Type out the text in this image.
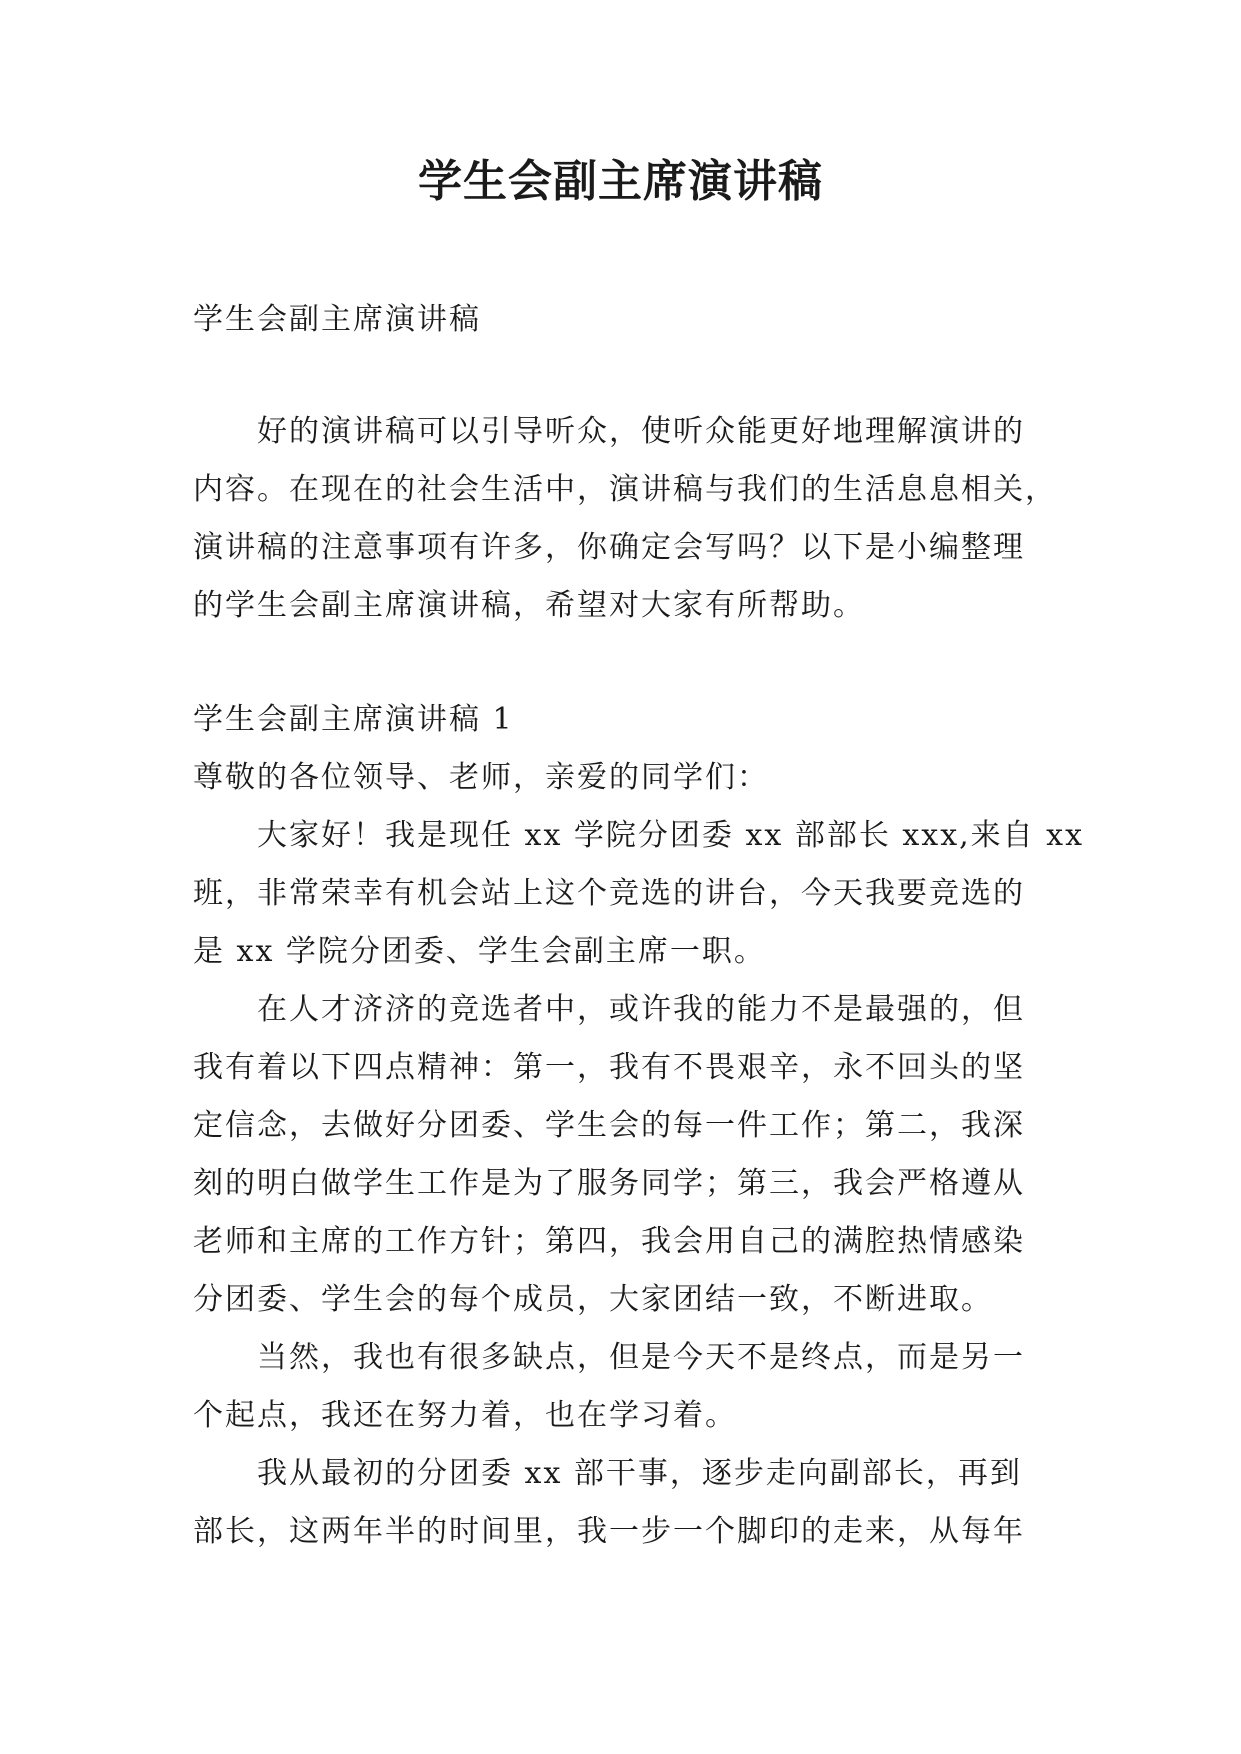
学生会副主席演讲稿
学生会副主席演讲稿
好的演讲稿可以引导听众，使听众能更好地理解演讲的
内容。在现在的社会生活中，演讲稿与我们的生活息息相关，
演讲稿的注意事项有许多，你确定会写吗？以下是小编整理
的学生会副主席演讲稿，希望对大家有所帮助。
学生会副主席演讲稿 1
尊敬的各位领导、老师，亲爱的同学们：
大家好！我是现任 xx 学院分团委 xx 部部长 xxx,来自 xx
班，非常荣幸有机会站上这个竞选的讲台，今天我要竞选的
是 xx 学院分团委、学生会副主席一职。
在人才济济的竞选者中，或许我的能力不是最强的，但
我有着以下四点精神：第一，我有不畏艰辛，永不回头的坚
定信念，去做好分团委、学生会的每一件工作；第二，我深
刻的明白做学生工作是为了服务同学；第三，我会严格遵从
老师和主席的工作方针；第四，我会用自己的满腔热情感染
分团委、学生会的每个成员，大家团结一致，不断进取。
当然，我也有很多缺点，但是今天不是终点，而是另一
个起点，我还在努力着，也在学习着。
我从最初的分团委 xx 部干事，逐步走向副部长，再到
部长，这两年半的时间里，我一步一个脚印的走来，从每年
